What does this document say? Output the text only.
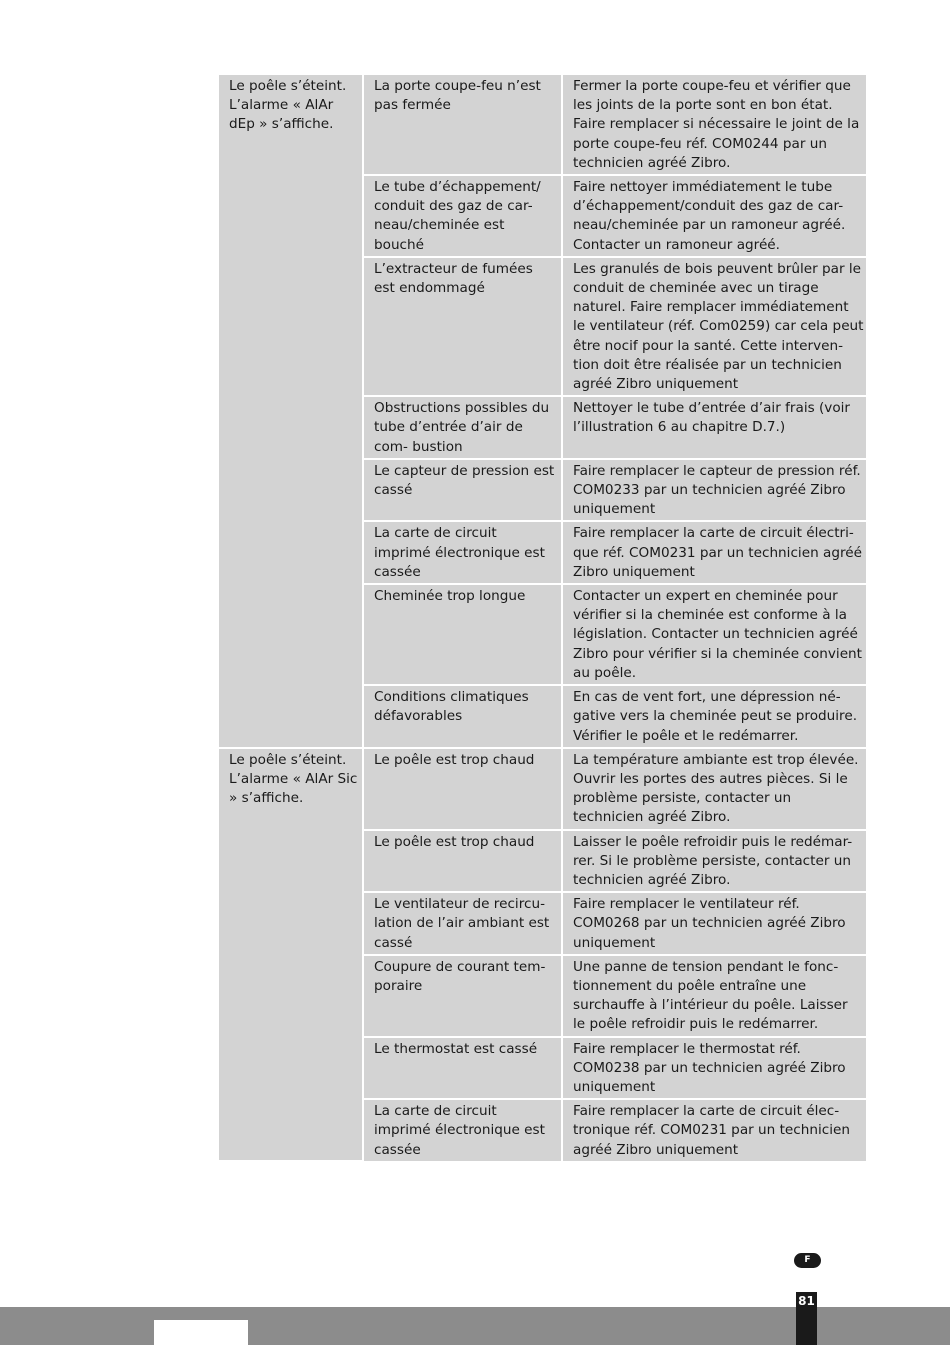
Le poêle s’éteint. L’alarme « AlAr dEp » s’affiche.	La porte coupe-feu n’est pas fermée	Fermer la porte coupe-feu et vérifier que les joints de la porte sont en bon état. Faire remplacer si nécessaire le joint de la porte coupe-feu réf. COM0244 par un technicien agréé Zibro.
	Le tube d’échappement/ conduit des gaz de car- neau/cheminée est bouché	Faire nettoyer immédiatement le tube d’échappement/conduit des gaz de car- neau/cheminée par un ramoneur agréé. Contacter un ramoneur agréé.
	L’extracteur de fumées est endommagé	Les granulés de bois peuvent brûler par le conduit de cheminée avec un tirage naturel. Faire remplacer immédiatement le ventilateur (réf. Com0259) car cela peut être nocif pour la santé. Cette interven- tion doit être réalisée par un technicien agréé Zibro uniquement
	Obstructions possibles du tube d’entrée d’air de com- bustion	Nettoyer le tube d’entrée d’air frais (voir l’illustration 6 au chapitre D.7.)
	Le capteur de pression est cassé	Faire remplacer le capteur de pression réf. COM0233 par un technicien agréé Zibro uniquement
	La carte de circuit imprimé électronique est cassée	Faire remplacer la carte de circuit électri- que réf. COM0231 par un technicien agréé Zibro uniquement
	Cheminée trop longue	Contacter un expert en cheminée pour vérifier si la cheminée est conforme à la législation. Contacter un technicien agréé Zibro pour vérifier si la cheminée convient au poêle.
	Conditions climatiques défavorables	En cas de vent fort, une dépression né- gative vers la cheminée peut se produire. Vérifier le poêle et le redémarrer.
Le poêle s’éteint. L’alarme « AlAr Sic » s’affiche.	Le poêle est trop chaud	La température ambiante est trop élevée. Ouvrir les portes des autres pièces. Si le problème persiste, contacter un technicien agréé Zibro.
	Le poêle est trop chaud	Laisser le poêle refroidir puis le redémar- rer. Si le problème persiste, contacter un technicien agréé Zibro.
	Le ventilateur de recircu- lation de l’air ambiant est cassé	Faire remplacer le ventilateur réf. COM0268 par un technicien agréé Zibro uniquement
	Coupure de courant tem- poraire	Une panne de tension pendant le fonc- tionnement du poêle entraîne une surchauffe à l’intérieur du poêle. Laisser le poêle refroidir puis le redémarrer.
	Le thermostat est cassé	Faire remplacer le thermostat réf. COM0238 par un technicien agréé Zibro uniquement
	La carte de circuit imprimé électronique est cassée	Faire remplacer la carte de circuit élec- tronique réf. COM0231 par un technicien agréé Zibro uniquement
F
81
